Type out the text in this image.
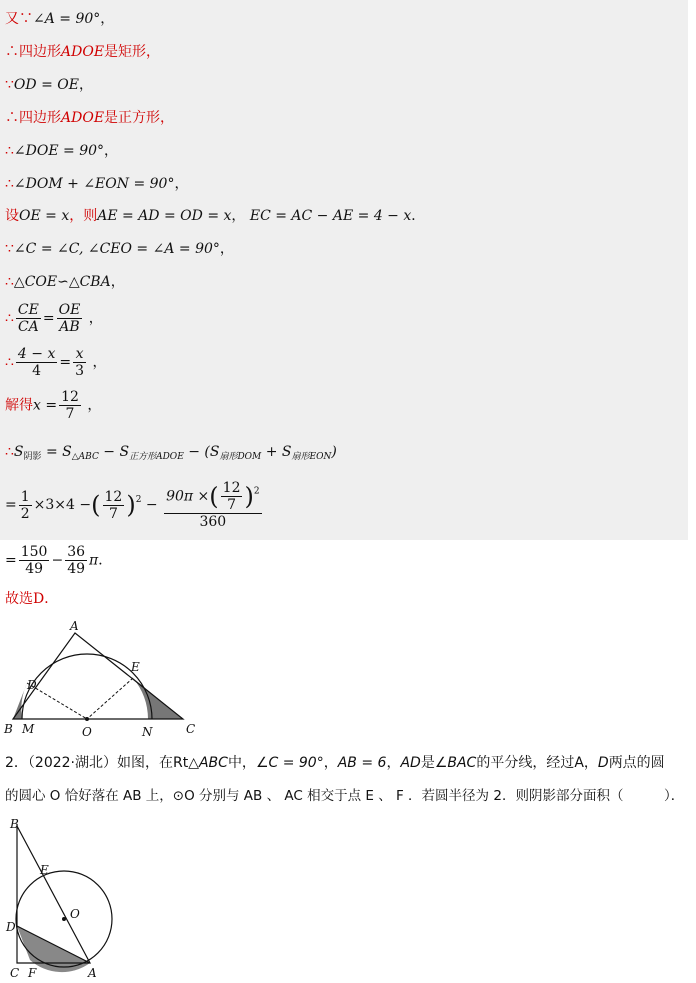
又∵∠A = 90°，
∴四边形ADOE是矩形，
∵OD = OE，
∴四边形ADOE是正方形，
∴∠DOE = 90°，
∴∠DOM + ∠EON = 90°，
设OE = x，则AE = AD = OD = x， EC = AC − AE = 4 − x．
∵∠C = ∠C, ∠CEO = ∠A = 90°，
∴△COE∽△CBA，
∴ $\frac{CE}{CA} = \frac{OE}{AB}$ ，
∴ $\frac{4 - x}{4} = \frac{x}{3}$ ，
解得$x = \frac{12}{7}$ ，
$\therefore S_{阴影} = S_{\triangle ABC} - S_{正方形ADOE} - (S_{扇形DOM} + S_{扇形EON})$
= $\frac{1}{2} \times 3\times 4$ −( $\frac{12}{7} )^2 - \frac{90\pi \times( \frac{12}{7} )^2}{360}$
= $\frac{150}{49} - \frac{36}{49}$ π．
故选D．
A
B	C
D
E
M	N
O
2．（2022·湖北）如图，在Rt△ABC中，∠C = 90°，AB = 6，AD是∠BAC的平分线，经过A，D两点的圆
的圆心 O 恰好落在 AB 上，⊙O 分别与 AB 、 AC 相交于点 E 、 F ．若圆半径为 2．则阴影部分面积（　　　）．
B
E
O
D
C F	A
